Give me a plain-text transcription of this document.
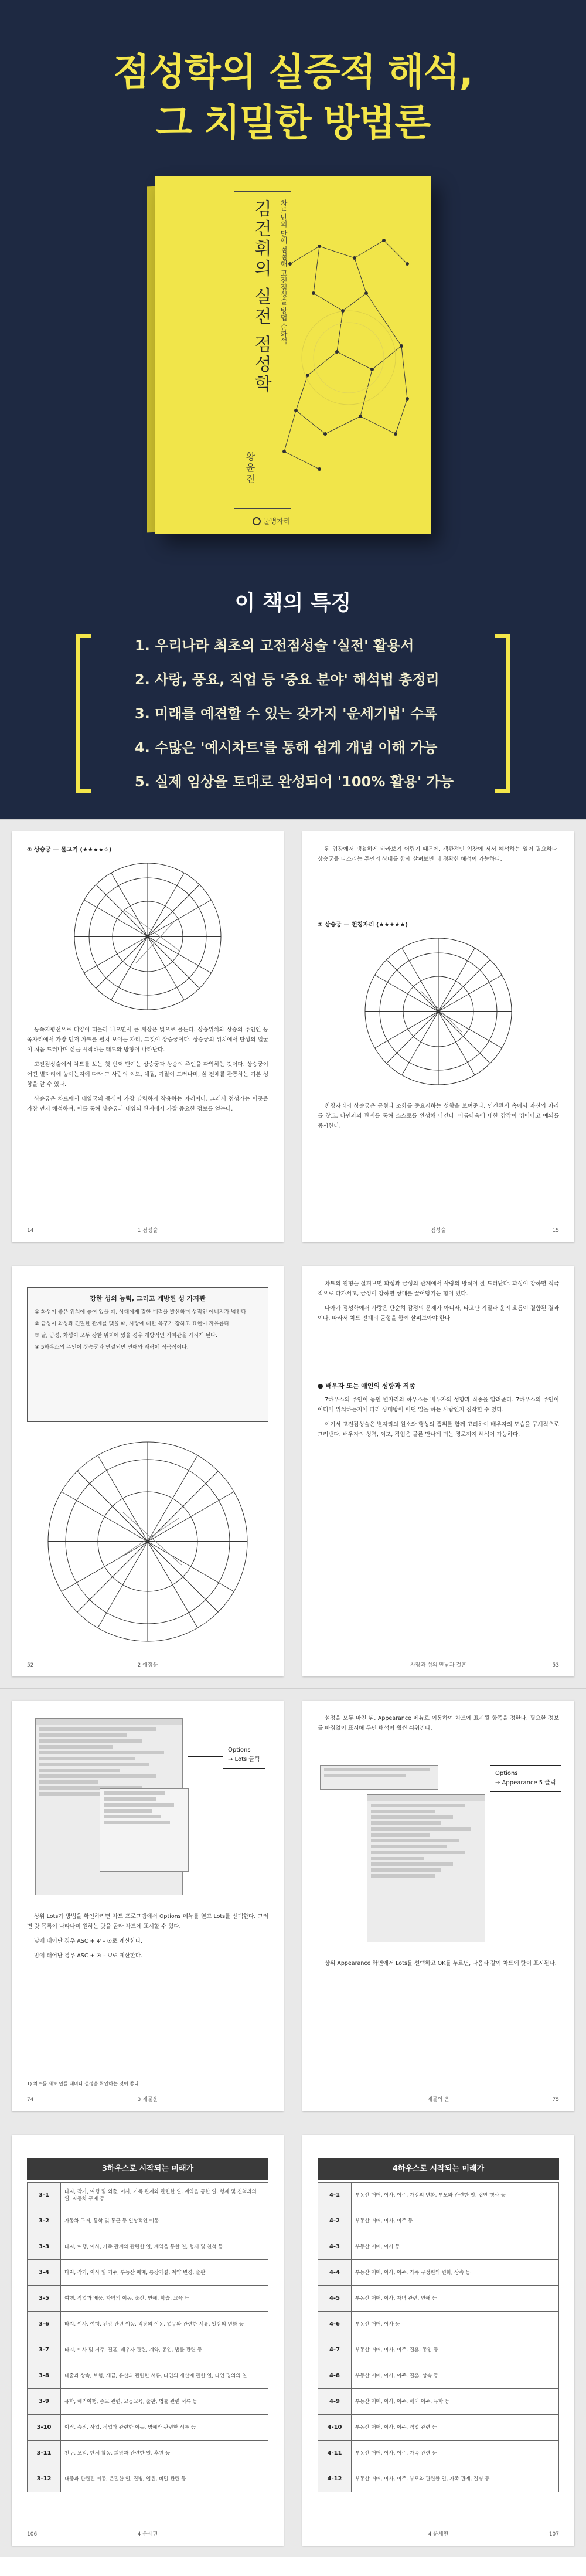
점성학의 실증적 해석,
그 치밀한 방법론
김건휘의 실전 점성학	차트만의 만에 점점해 고전점성술 방법 순화석
황윤진
물병자리
이 책의 특징
1. 우리나라 최초의 고전점성술 '실전' 활용서
2. 사랑, 풍요, 직업 등 '중요 분야' 해석법 총정리
3. 미래를 예견할 수 있는 갖가지 '운세기법' 수록
4. 수많은 '예시차트'를 통해 쉽게 개념 이해 가능
5. 실제 임상을 토대로 완성되어 '100% 활용' 가능
① 상승궁 — 물고기 (★★★★☆)

동쪽지평선으로 태양이 떠올라 나오면서 큰 세상은 빛으로 물든다. 상승위치와 상승의 주인인 동쪽자리에서 가장 먼저 차트를 펼쳐 보이는 자리, 그것이 상승궁이다. 상승궁의 위치에서 탄생의 얼굴이 처음 드러나며 삶을 시작하는 태도와 방향이 나타난다.

고전점성술에서 차트를 보는 첫 번째 단계는 상승궁과 상승의 주인을 파악하는 것이다. 상승궁이 어떤 별자리에 놓이는지에 따라 그 사람의 외모, 체질, 기질이 드러나며, 삶 전체를 관통하는 기본 성향을 알 수 있다.

상승궁은 차트에서 태양궁의 중심이 가장 강력하게 작용하는 자리이다. 그래서 점성가는 이곳을 가장 먼저 해석하며, 이를 통해 상승궁과 태양의 관계에서 가장 중요한 정보를 얻는다.

14	1 점성술

된 입장에서 냉철하게 바라보기 어렵기 때문에, 객관적인 입장에 서서 해석하는 일이 필요하다. 상승궁을 다스리는 주인의 상태를 함께 살펴보면 더 정확한 해석이 가능하다.

② 상승궁 — 천칭자리 (★★★★★)

천칭자리의 상승궁은 균형과 조화를 중요시하는 성향을 보여준다. 인간관계 속에서 자신의 자리를 찾고, 타인과의 관계를 통해 스스로를 완성해 나간다. 아름다움에 대한 감각이 뛰어나고 예의를 중시한다.

점성술	15
강한 성의 능력, 그리고 개방된 성 가지관
① 화성이 좋은 위치에 놓여 있을 때, 상대에게 강한 매력을 발산하며 성적인 에너지가 넘친다.
② 금성이 화성과 긴밀한 관계를 맺을 때, 사랑에 대한 욕구가 강하고 표현이 자유롭다.
③ 달, 금성, 화성이 모두 강한 위치에 있을 경우 개방적인 가치관을 가지게 된다.
④ 5하우스의 주인이 상승궁과 연결되면 연애와 쾌락에 적극적이다.
52	2 애정운

차트의 원형을 살펴보면 화성과 금성의 관계에서 사랑의 방식이 잘 드러난다. 화성이 강하면 적극적으로 다가서고, 금성이 강하면 상대를 끌어당기는 힘이 있다.

나아가 점성학에서 사랑은 단순히 감정의 문제가 아니라, 타고난 기질과 운의 흐름이 결합된 결과이다. 따라서 차트 전체의 균형을 함께 살펴보아야 한다.

● 배우자 또는 애인의 성향과 직종

7하우스의 주인이 놓인 별자리와 하우스는 배우자의 성향과 직종을 알려준다. 7하우스의 주인이 어디에 위치하는지에 따라 상대방이 어떤 일을 하는 사람인지 짐작할 수 있다.

여기서 고전점성술은 별자리의 원소와 행성의 품위를 함께 고려하여 배우자의 모습을 구체적으로 그려낸다. 배우자의 성격, 외모, 직업은 물론 만나게 되는 경로까지 해석이 가능하다.

사랑과 성의 만남과 결혼	53
Options
→ Lots 클릭

상위 Lots가 방법을 확인하려면 차트 프로그램에서 Options 메뉴를 열고 Lots를 선택한다. 그러면 랏 목록이 나타나며 원하는 랏을 골라 차트에 표시할 수 있다.

낮에 태어난 경우 ASC + Ψ – ☉로 계산한다.

밤에 태어난 경우 ASC + ☉ – Ψ로 계산한다.

1) 차트를 새로 만들 때마다 설정을 확인하는 것이 좋다.
74	3 재물운

설정을 모두 마친 뒤, Appearance 메뉴로 이동하여 차트에 표시될 항목을 정한다. 필요한 정보를 빠짐없이 표시해 두면 해석이 훨씬 쉬워진다.

Options
→ Appearance 5 클릭

상위 Appearance 화면에서 Lots를 선택하고 OK를 누르면, 다음과 같이 차트에 랏이 표시된다.

재물의 운	75
3하우스로 시작되는 미래가
3-1	타지, 작가, 여행 및 외출, 이사, 가족 관계와 관련한 일, 계약을 통한 일, 형제 및 친척과의 일, 자동차 구매 등
3-2	자동차 구매, 통학 및 통근 등 일상적인 이동
3-3	타지, 여행, 이사, 가족 관계와 관련한 일, 계약을 통한 일, 형제 및 친척 등
3-4	타지, 작가, 이사 및 거주, 부동산 매매, 통장개설, 계약 변경, 출판
3-5	여행, 작업과 배움, 자녀의 이동, 출산, 연애, 학습, 교육 등
3-6	타지, 이사, 여행, 건강 관련 이동, 직장의 이동, 업무와 관련한 서류, 일상의 변화 등
3-7	타지, 이사 및 거주, 결혼, 배우자 관련, 계약, 동업, 법률 관련 등
3-8	대출과 상속, 보험, 세금, 유산과 관련한 서류, 타인의 재산에 관한 일, 타인 명의의 일
3-9	유학, 해외여행, 종교 관련, 고등교육, 출판, 법률 관련 서류 등
3-10	이직, 승진, 사업, 직업과 관련한 이동, 명예와 관련한 서류 등
3-11	친구, 모임, 단체 활동, 희망과 관련한 일, 후원 등
3-12	대중과 관련된 이동, 은밀한 일, 질병, 입원, 비밀 관련 등
106	4 운세편
4하우스로 시작되는 미래가
4-1	부동산 매매, 이사, 이주, 가정의 변화, 부모와 관련한 일, 집안 행사 등
4-2	부동산 매매, 이사, 이주 등
4-3	부동산 매매, 이사 등
4-4	부동산 매매, 이사, 이주, 가족 구성원의 변화, 상속 등
4-5	부동산 매매, 이사, 자녀 관련, 연애 등
4-6	부동산 매매, 이사 등
4-7	부동산 매매, 이사, 이주, 결혼, 동업 등
4-8	부동산 매매, 이사, 이주, 결혼, 상속 등
4-9	부동산 매매, 이사, 이주, 해외 이주, 유학 등
4-10	부동산 매매, 이사, 이주, 직업 관련 등
4-11	부동산 매매, 이사, 이주, 가족 관련 등
4-12	부동산 매매, 이사, 이주, 부모와 관련한 일, 가족 관계, 질병 등
4 운세편	107
